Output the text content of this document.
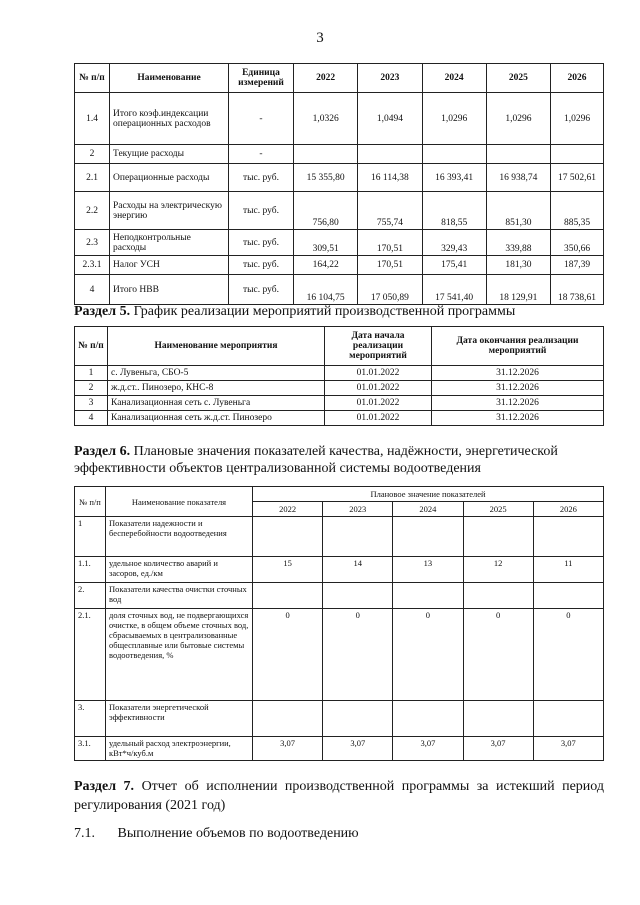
3
№ п/п	Наименование	Единица измерений	2022	2023	2024	2025	2026
1.4	Итого коэф.индексации операционных расходов	-	1,0326	1,0494	1,0296	1,0296	1,0296
2	Текущие расходы	-					
2.1	Операционные расходы	тыс. руб.	15 355,80	16 114,38	16 393,41	16 938,74	17 502,61
2.2	Расходы на электрическую энергию	тыс. руб.	756,80	755,74	818,55	851,30	885,35
2.3	Неподконтрольные расходы	тыс. руб.	309,51	170,51	329,43	339,88	350,66
2.3.1	Налог УСН	тыс. руб.	164,22	170,51	175,41	181,30	187,39
4	Итого НВВ	тыс. руб.	16 104,75	17 050,89	17 541,40	18 129,91	18 738,61
Раздел 5. График реализации мероприятий производственной программы
№ п/п	Наименование мероприятия	Дата начала реализации мероприятий	Дата окончания реализации мероприятий
1	с. Лувеньга, СБО-5	01.01.2022	31.12.2026
2	ж.д.ст.. Пинозеро, КНС-8	01.01.2022	31.12.2026
3	Канализационная сеть с. Лувеньга	01.01.2022	31.12.2026
4	Канализационная сеть ж.д.ст. Пинозеро	01.01.2022	31.12.2026
Раздел 6. Плановые значения показателей качества, надёжности, энергетической эффективности объектов централизованной системы водоотведения
№ п/п	Наименование показателя	Плановое значение показателей				
		2022	2023	2024	2025	2026
1	Показатели надежности и бесперебойности водоотведения					
1.1.	удельное количество аварий и засоров, ед./км	15	14	13	12	11
2.	Показатели качества очистки сточных вод					
2.1.	доля сточных вод, не подвергающихся очистке, в общем объеме сточных вод, сбрасываемых в централизованные общесплавные или бытовые системы водоотведения, %	0	0	0	0	0
3.	Показатели энергетической эффективности					
3.1.	удельный расход электроэнергии, кВт*ч/куб.м	3,07	3,07	3,07	3,07	3,07
Раздел 7. Отчет об исполнении производственной программы за истекший период регулирования (2021 год)
7.1. Выполнение объемов по водоотведению
